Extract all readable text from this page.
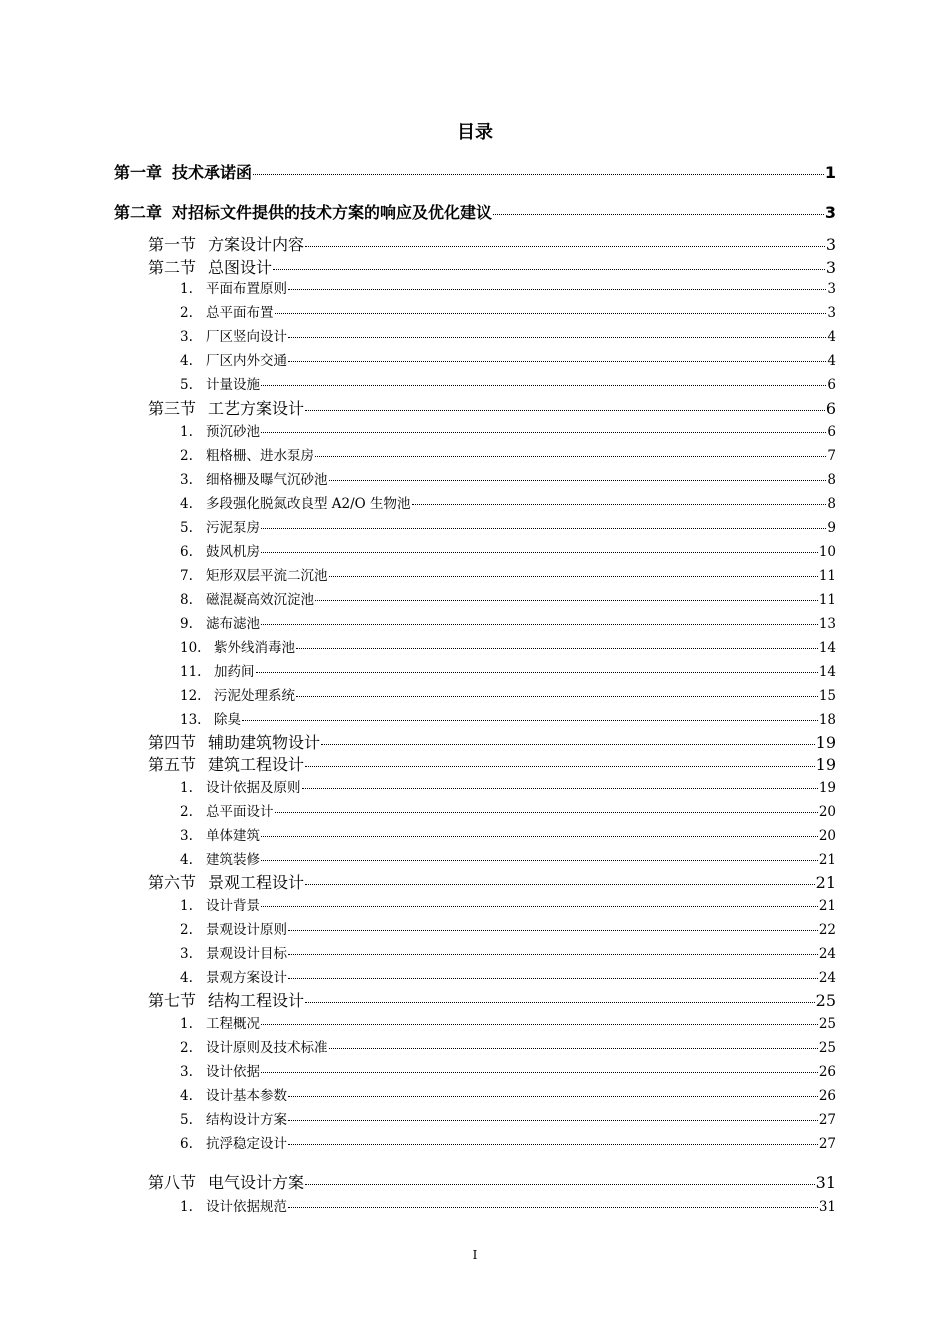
目录
第一章 技术承诺函	1
第二章 对招标文件提供的技术方案的响应及优化建议	3
第一节 方案设计内容	3
第二节 总图设计	3
1. 平面布置原则	3
2. 总平面布置	3
3. 厂区竖向设计	4
4. 厂区内外交通	4
5. 计量设施	6
第三节 工艺方案设计	6
1. 预沉砂池	6
2. 粗格栅、进水泵房	7
3. 细格栅及曝气沉砂池	8
4. 多段强化脱氮改良型 A2/O 生物池	8
5. 污泥泵房	9
6. 鼓风机房	10
7. 矩形双层平流二沉池	11
8. 磁混凝高效沉淀池	11
9. 滤布滤池	13
10. 紫外线消毒池	14
11. 加药间	14
12. 污泥处理系统	15
13. 除臭	18
第四节 辅助建筑物设计	19
第五节 建筑工程设计	19
1. 设计依据及原则	19
2. 总平面设计	20
3. 单体建筑	20
4. 建筑装修	21
第六节 景观工程设计	21
1. 设计背景	21
2. 景观设计原则	22
3. 景观设计目标	24
4. 景观方案设计	24
第七节 结构工程设计	25
1. 工程概况	25
2. 设计原则及技术标准	25
3. 设计依据	26
4. 设计基本参数	26
5. 结构设计方案	27
6. 抗浮稳定设计	27
第八节 电气设计方案	31
1. 设计依据规范	31
I
